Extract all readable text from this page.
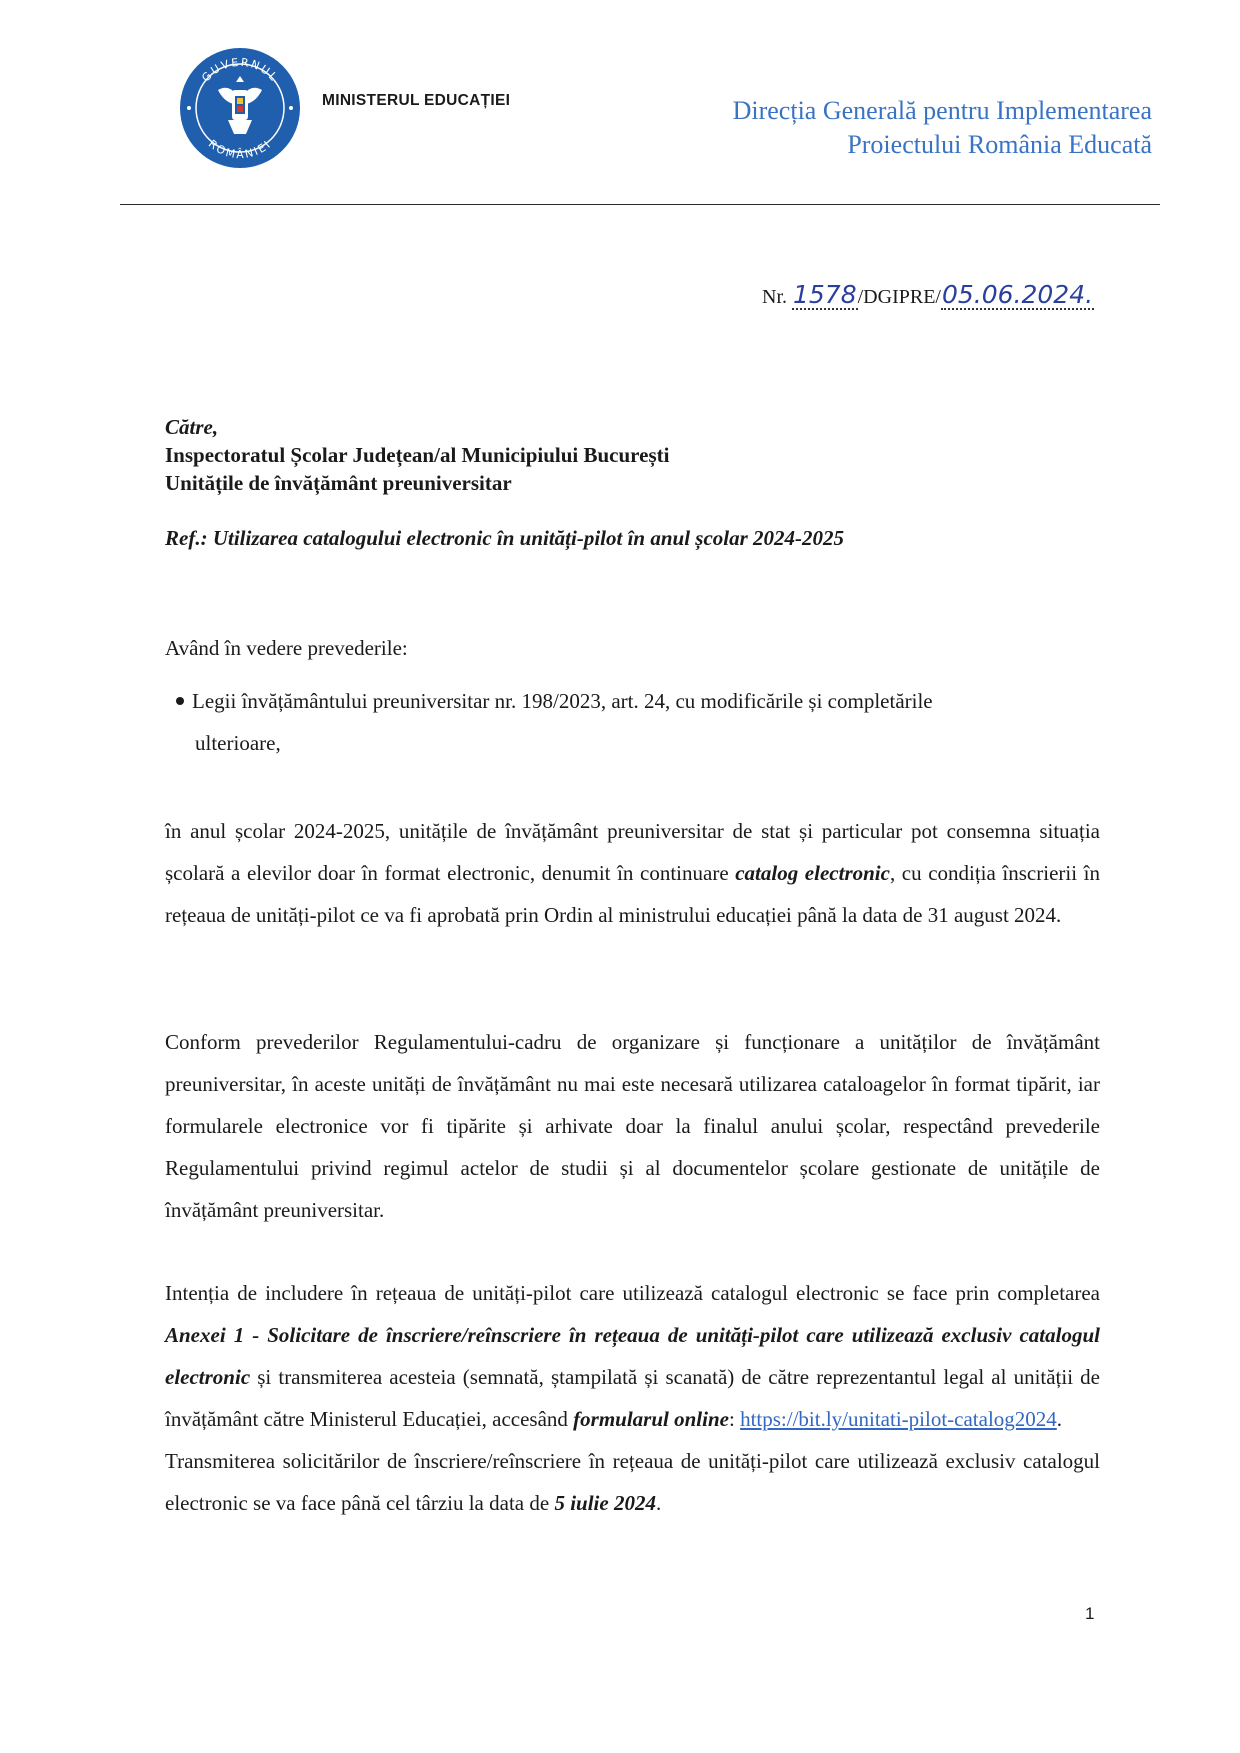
GUVERNUL
ROMÂNIEI
MINISTERUL EDUCAȚIEI	Direcția Generală pentru Implementarea
Proiectului România Educată
Nr. 1578/DGIPRE/05.06.2024.
Către,
Inspectoratul Școlar Județean/al Municipiului București
Unitățile de învățământ preuniversitar
Ref.: Utilizarea catalogului electronic în unități-pilot în anul școlar 2024-2025
Având în vedere prevederile:
Legii învățământului preuniversitar nr. 198/2023, art. 24, cu modificările și completările
ulterioare,
în anul școlar 2024-2025, unitățile de învățământ preuniversitar de stat și particular pot consemna situația școlară a elevilor doar în format electronic, denumit în continuare catalog electronic, cu condiția înscrierii în rețeaua de unități-pilot ce va fi aprobată prin Ordin al ministrului educației până la data de 31 august 2024.
Conform prevederilor Regulamentului-cadru de organizare și funcționare a unităților de învățământ preuniversitar, în aceste unități de învățământ nu mai este necesară utilizarea cataloagelor în format tipărit, iar formularele electronice vor fi tipărite și arhivate doar la finalul anului școlar, respectând prevederile Regulamentului privind regimul actelor de studii și al documentelor școlare gestionate de unitățile de învățământ preuniversitar.
Intenția de includere în rețeaua de unități-pilot care utilizează catalogul electronic se face prin completarea Anexei 1 - Solicitare de înscriere/reînscriere în rețeaua de unități-pilot care utilizează exclusiv catalogul electronic și transmiterea acesteia (semnată, ștampilată și scanată) de către reprezentantul legal al unității de învățământ către Ministerul Educației, accesând formularul online: https://bit.ly/unitati-pilot-catalog2024.
Transmiterea solicitărilor de înscriere/reînscriere în rețeaua de unități-pilot care utilizează exclusiv catalogul electronic se va face până cel târziu la data de 5 iulie 2024.
1
